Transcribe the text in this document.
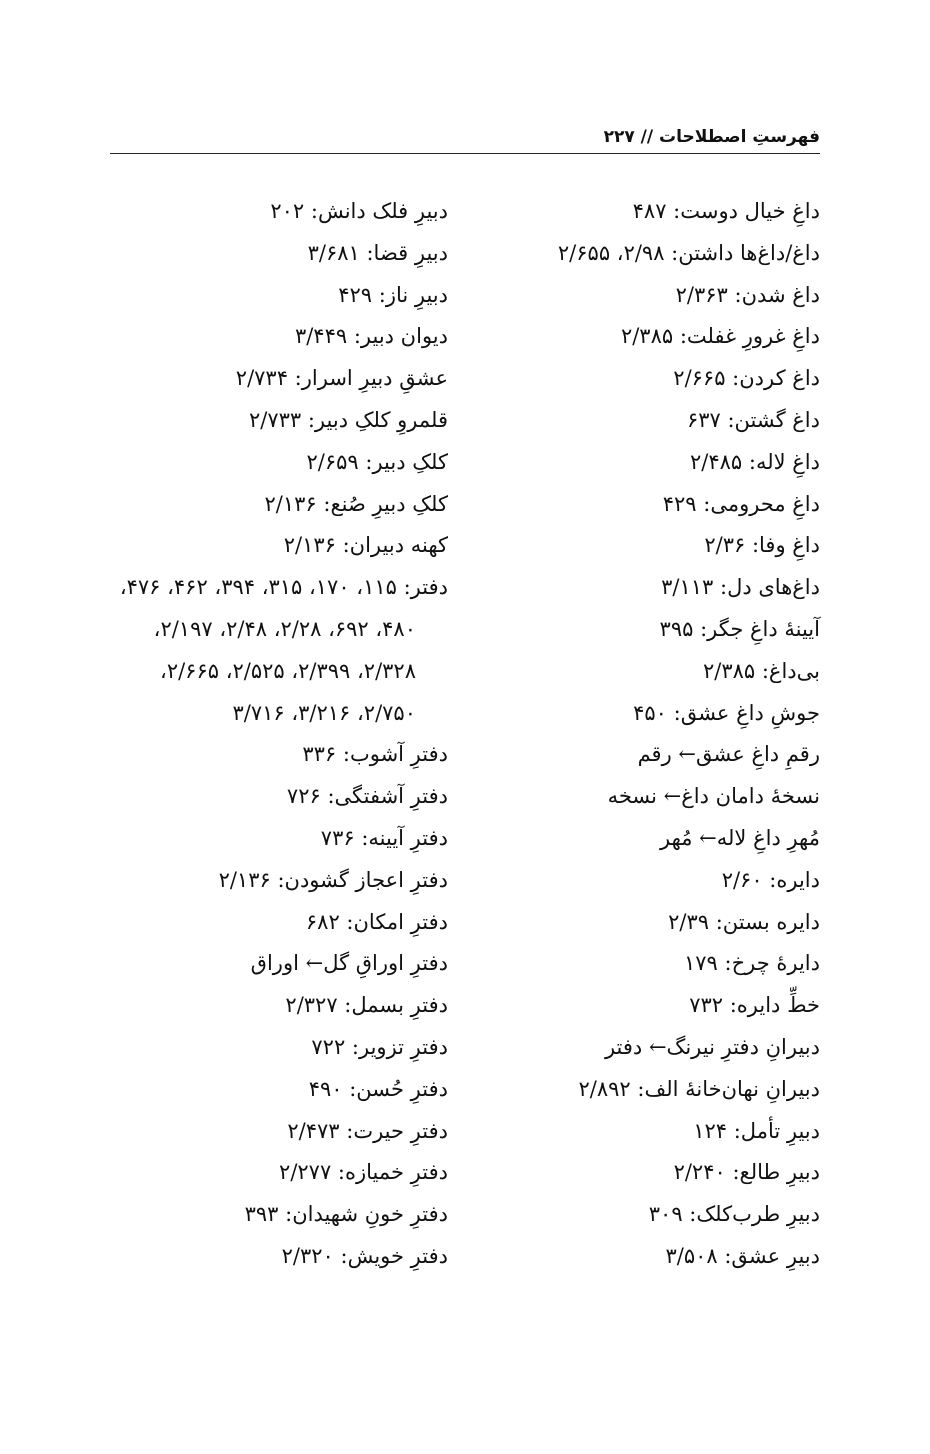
فهرستِ اصطلاحات // ۲۲۷
داغِ خیال دوست: ۴۸۷
داغ/داغ‌ها داشتن: ۲/۹۸، ۲/۶۵۵
داغ شدن: ۲/۳۶۳
داغِ غرورِ غفلت: ۲/۳۸۵
داغ کردن: ۲/۶۶۵
داغ گشتن: ۶۳۷
داغِ لاله: ۲/۴۸۵
داغِ محرومی: ۴۲۹
داغِ وفا: ۲/۳۶
داغ‌های دل: ۳/۱۱۳
آیینهٔ داغِ جگر: ۳۹۵
بی‌داغ: ۲/۳۸۵
جوشِ داغِ عشق: ۴۵۰
رقمِ داغِ عشق← رقم
نسخهٔ دامان داغ← نسخه
مُهرِ داغِ لاله← مُهر
دایره: ۲/۶۰
دایره بستن: ۲/۳۹
دایرهٔ چرخ: ۱۷۹
خطِّ دایره: ۷۳۲
دبیرانِ دفترِ نیرنگ← دفتر
دبیرانِ نهان‌خانهٔ الف: ۲/۸۹۲
دبیرِ تأمل: ۱۲۴
دبیرِ طالع: ۲/۲۴۰
دبیرِ طرب‌کلک: ۳۰۹
دبیرِ عشق: ۳/۵۰۸
دبیرِ فلک دانش: ۲۰۲
دبیرِ قضا: ۳/۶۸۱
دبیرِ ناز: ۴۲۹
دیوان دبیر: ۳/۴۴۹
عشقِ دبیرِ اسرار: ۲/۷۳۴
قلمروِ کلکِ دبیر: ۲/۷۳۳
کلکِ دبیر: ۲/۶۵۹
کلکِ دبیرِ صُنع: ۲/۱۳۶
کهنه دبیران: ۲/۱۳۶
دفتر: ۱۱۵، ۱۷۰، ۳۱۵، ۳۹۴، ۴۶۲، ۴۷۶،
۴۸۰، ۶۹۲، ۲/۲۸، ۲/۴۸، ۲/۱۹۷،
۲/۳۲۸، ۲/۳۹۹، ۲/۵۲۵، ۲/۶۶۵،
۲/۷۵۰، ۳/۲۱۶، ۳/۷۱۶
دفترِ آشوب: ۳۳۶
دفترِ آشفتگی: ۷۲۶
دفترِ آیینه: ۷۳۶
دفترِ اعجاز گشودن: ۲/۱۳۶
دفترِ امکان: ۶۸۲
دفترِ اوراقِ گل← اوراق
دفترِ بسمل: ۲/۳۲۷
دفترِ تزویر: ۷۲۲
دفترِ حُسن: ۴۹۰
دفترِ حیرت: ۲/۴۷۳
دفترِ خمیازه: ۲/۲۷۷
دفترِ خونِ شهیدان: ۳۹۳
دفترِ خویش: ۲/۳۲۰
